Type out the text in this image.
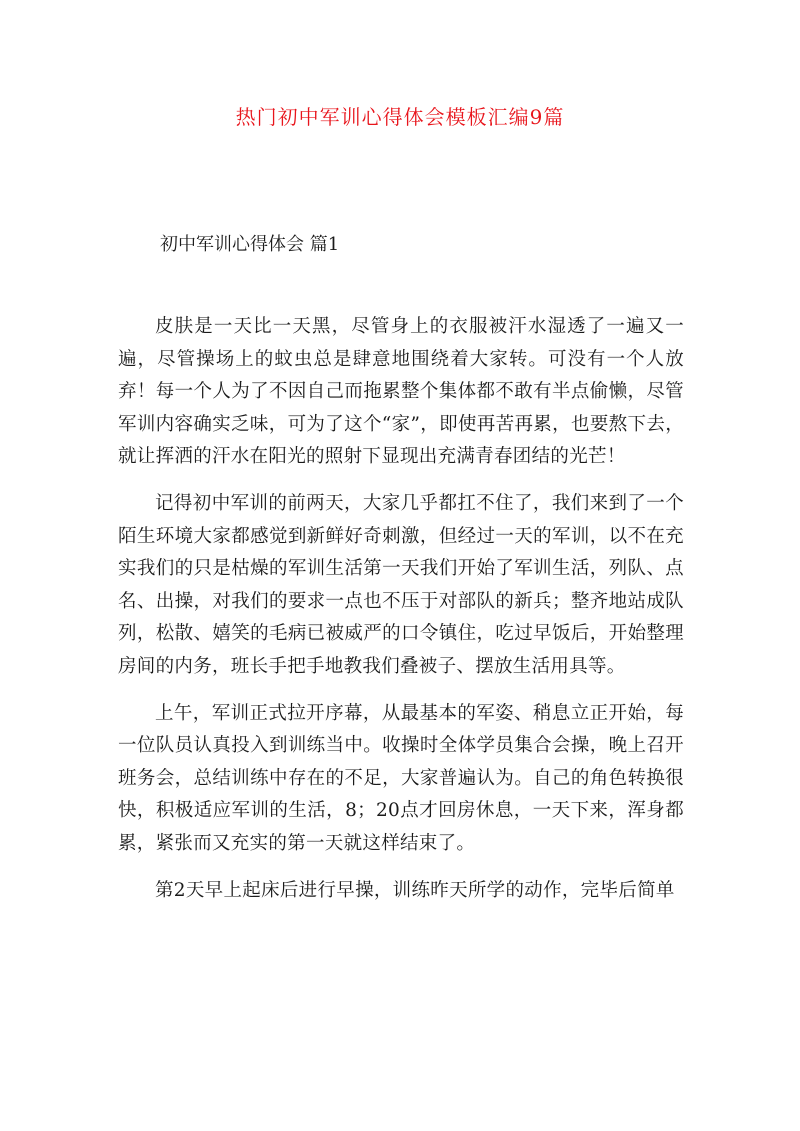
热门初中军训心得体会模板汇编9篇
初中军训心得体会 篇1

皮肤是一天比一天黑，尽管身上的衣服被汗水湿透了一遍又一遍，尽管操场上的蚊虫总是肆意地围绕着大家转。可没有一个人放弃！每一个人为了不因自己而拖累整个集体都不敢有半点偷懒，尽管军训内容确实乏味，可为了这个“家”，即使再苦再累，也要熬下去，就让挥洒的汗水在阳光的照射下显现出充满青春团结的光芒！

记得初中军训的前两天，大家几乎都扛不住了，我们来到了一个陌生环境大家都感觉到新鲜好奇刺激，但经过一天的军训，以不在充实我们的只是枯燥的军训生活第一天我们开始了军训生活，列队、点名、出操，对我们的要求一点也不压于对部队的新兵；整齐地站成队列，松散、嬉笑的毛病已被威严的口令镇住，吃过早饭后，开始整理房间的内务，班长手把手地教我们叠被子、摆放生活用具等。

上午，军训正式拉开序幕，从最基本的军姿、稍息立正开始，每一位队员认真投入到训练当中。收操时全体学员集合会操，晚上召开班务会，总结训练中存在的不足，大家普遍认为。自己的角色转换很快，积极适应军训的生活，8；20点才回房休息，一天下来，浑身都累，紧张而又充实的第一天就这样结束了。

第2天早上起床后进行早操，训练昨天所学的动作，完毕后简单
